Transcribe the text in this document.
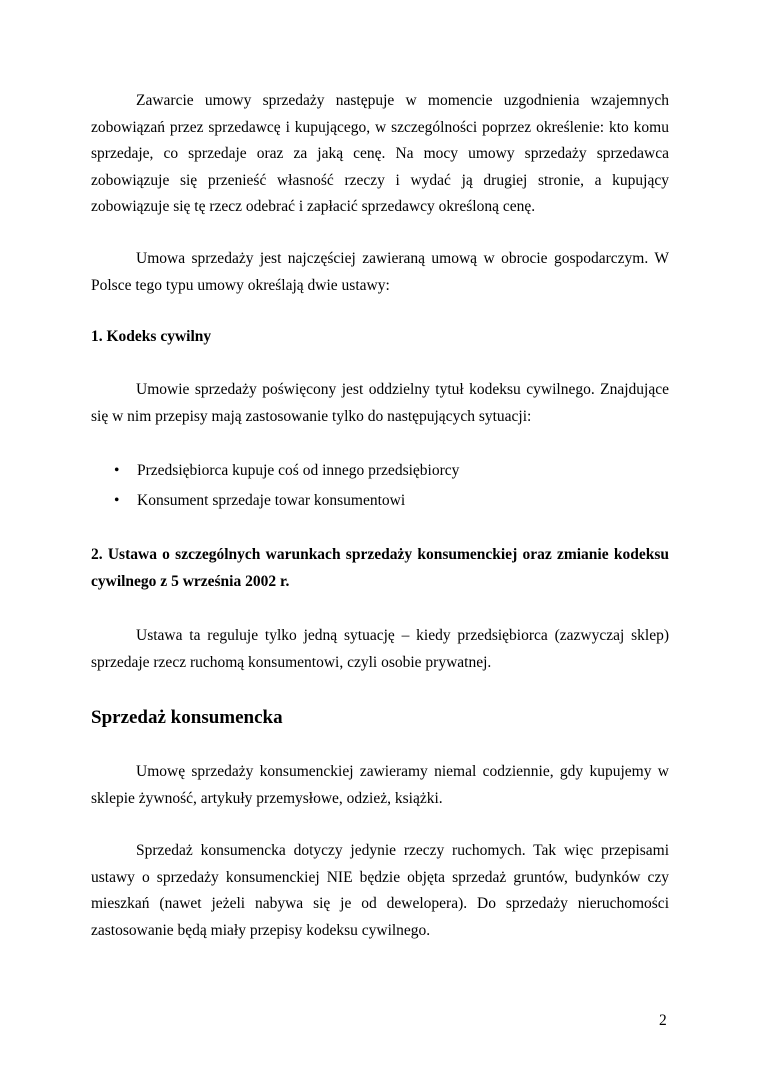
Zawarcie umowy sprzedaży następuje w momencie uzgodnienia wzajemnych zobowiązań przez sprzedawcę i kupującego, w szczególności poprzez określenie: kto komu sprzedaje, co sprzedaje oraz za jaką cenę. Na mocy umowy sprzedaży sprzedawca zobowiązuje się przenieść własność rzeczy i wydać ją drugiej stronie, a kupujący zobowiązuje się tę rzecz odebrać i zapłacić sprzedawcy określoną cenę.

Umowa sprzedaży jest najczęściej zawieraną umową w obrocie gospodarczym. W Polsce tego typu umowy określają dwie ustawy:

1. Kodeks cywilny

Umowie sprzedaży poświęcony jest oddzielny tytuł kodeksu cywilnego. Znajdujące się w nim przepisy mają zastosowanie tylko do następujących sytuacji:

• Przedsiębiorca kupuje coś od innego przedsiębiorcy
• Konsument sprzedaje towar konsumentowi

2. Ustawa o szczególnych warunkach sprzedaży konsumenckiej oraz zmianie kodeksu cywilnego z 5 września 2002 r.

Ustawa ta reguluje tylko jedną sytuację – kiedy przedsiębiorca (zazwyczaj sklep) sprzedaje rzecz ruchomą konsumentowi, czyli osobie prywatnej.

Sprzedaż konsumencka

Umowę sprzedaży konsumenckiej zawieramy niemal codziennie, gdy kupujemy w sklepie żywność, artykuły przemysłowe, odzież, książki.

Sprzedaż konsumencka dotyczy jedynie rzeczy ruchomych. Tak więc przepisami ustawy o sprzedaży konsumenckiej NIE będzie objęta sprzedaż gruntów, budynków czy mieszkań (nawet jeżeli nabywa się je od dewelopera). Do sprzedaży nieruchomości zastosowanie będą miały przepisy kodeksu cywilnego.

2
